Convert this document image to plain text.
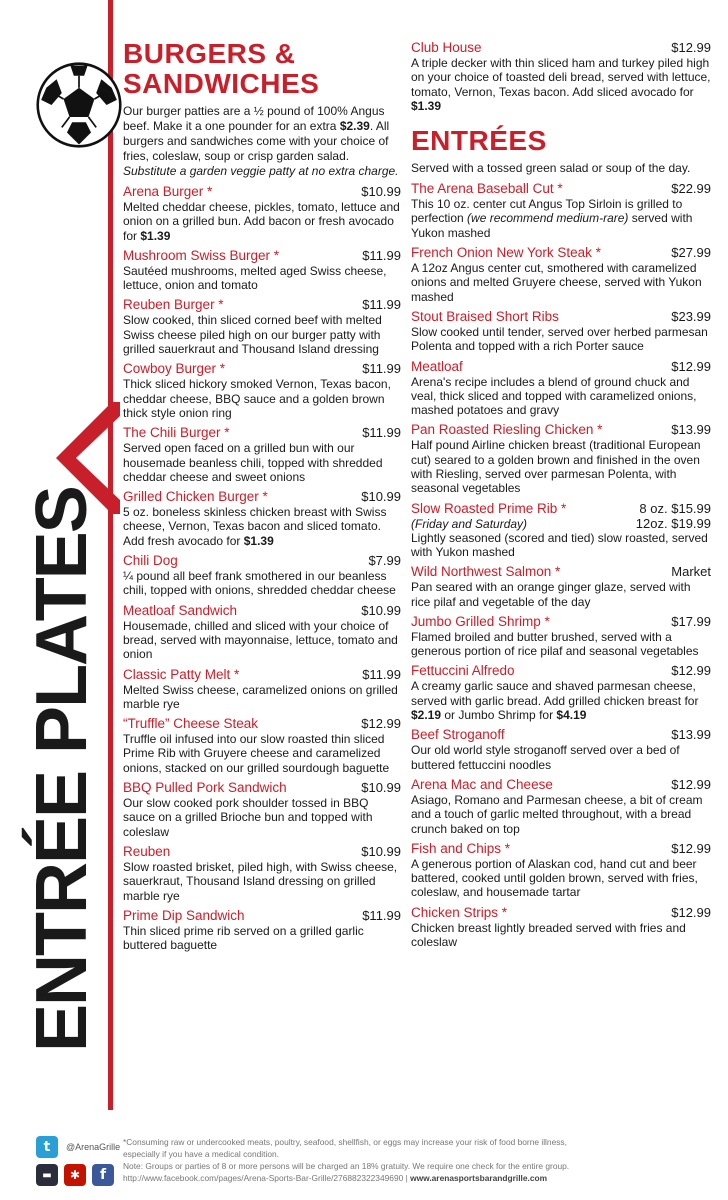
ENTRÉE PLATES
BURGERS &
SANDWICHES
Our burger patties are a ½ pound of 100% Angus beef. Make it a one pounder for an extra $2.39. All burgers and sandwiches come with your choice of fries, coleslaw, soup or crisp garden salad. Substitute a garden veggie patty at no extra charge.
Arena Burger *	$10.99
Melted cheddar cheese, pickles, tomato, lettuce and onion on a grilled bun. Add bacon or fresh avocado for $1.39
Mushroom Swiss Burger *	$11.99
Sautéed mushrooms, melted aged Swiss cheese, lettuce, onion and tomato
Reuben Burger *	$11.99
Slow cooked, thin sliced corned beef with melted Swiss cheese piled high on our burger patty with grilled sauerkraut and Thousand Island dressing
Cowboy Burger *	$11.99
Thick sliced hickory smoked Vernon, Texas bacon, cheddar cheese, BBQ sauce and a golden brown thick style onion ring
The Chili Burger *	$11.99
Served open faced on a grilled bun with our housemade beanless chili, topped with shredded cheddar cheese and sweet onions
Grilled Chicken Burger *	$10.99
5 oz. boneless skinless chicken breast with Swiss cheese, Vernon, Texas bacon and sliced tomato. Add fresh avocado for $1.39
Chili Dog	$7.99
¼ pound all beef frank smothered in our beanless chili, topped with onions, shredded cheddar cheese
Meatloaf Sandwich	$10.99
Housemade, chilled and sliced with your choice of bread, served with mayonnaise, lettuce, tomato and onion
Classic Patty Melt *	$11.99
Melted Swiss cheese, caramelized onions on grilled marble rye
“Truffle” Cheese Steak	$12.99
Truffle oil infused into our slow roasted thin sliced Prime Rib with Gruyere cheese and caramelized onions, stacked on our grilled sourdough baguette
BBQ Pulled Pork Sandwich	$10.99
Our slow cooked pork shoulder tossed in BBQ sauce on a grilled Brioche bun and topped with coleslaw
Reuben	$10.99
Slow roasted brisket, piled high, with Swiss cheese, sauerkraut, Thousand Island dressing on grilled marble rye
Prime Dip Sandwich	$11.99
Thin sliced prime rib served on a grilled garlic buttered baguette
Club House	$12.99
A triple decker with thin sliced ham and turkey piled high on your choice of toasted deli bread, served with lettuce, tomato, Vernon, Texas bacon. Add sliced avocado for $1.39
ENTRÉES
Served with a tossed green salad or soup of the day.
The Arena Baseball Cut *	$22.99
This 10 oz. center cut Angus Top Sirloin is grilled to perfection (we recommend medium-rare) served with Yukon mashed
French Onion New York Steak *	$27.99
A 12oz Angus center cut, smothered with caramelized onions and melted Gruyere cheese, served with Yukon mashed
Stout Braised Short Ribs	$23.99
Slow cooked until tender, served over herbed parmesan Polenta and topped with a rich Porter sauce
Meatloaf	$12.99
Arena's recipe includes a blend of ground chuck and veal, thick sliced and topped with caramelized onions, mashed potatoes and gravy
Pan Roasted Riesling Chicken *	$13.99
Half pound Airline chicken breast (traditional European cut) seared to a golden brown and finished in the oven with Riesling, served over parmesan Polenta, with seasonal vegetables
Slow Roasted Prime Rib *	8 oz. $15.99
(Friday and Saturday)	12oz. $19.99
Lightly seasoned (scored and tied) slow roasted, served with Yukon mashed
Wild Northwest Salmon *	Market
Pan seared with an orange ginger glaze, served with rice pilaf and vegetable of the day
Jumbo Grilled Shrimp *	$17.99
Flamed broiled and butter brushed, served with a generous portion of rice pilaf and seasonal vegetables
Fettuccini Alfredo	$12.99
A creamy garlic sauce and shaved parmesan cheese, served with garlic bread. Add grilled chicken breast for $2.19 or Jumbo Shrimp for $4.19
Beef Stroganoff	$13.99
Our old world style stroganoff served over a bed of buttered fettuccini noodles
Arena Mac and Cheese	$12.99
Asiago, Romano and Parmesan cheese, a bit of cream and a touch of garlic melted throughout, with a bread crunch baked on top
Fish and Chips *	$12.99
A generous portion of Alaskan cod, hand cut and beer battered, cooked until golden brown, served with fries, coleslaw, and housemade tartar
Chicken Strips *	$12.99
Chicken breast lightly breaded served with fries and coleslaw
t	@ArenaGrille
▬	✱	f
*Consuming raw or undercooked meats, poultry, seafood, shellfish, or eggs may increase your risk of food borne illness,
especially if you have a medical condition.
Note: Groups or parties of 8 or more persons will be charged an 18% gratuity. We require one check for the entire group.
http://www.facebook.com/pages/Arena-Sports-Bar-Grille/276882322349690 | www.arenasportsbarandgrille.com
